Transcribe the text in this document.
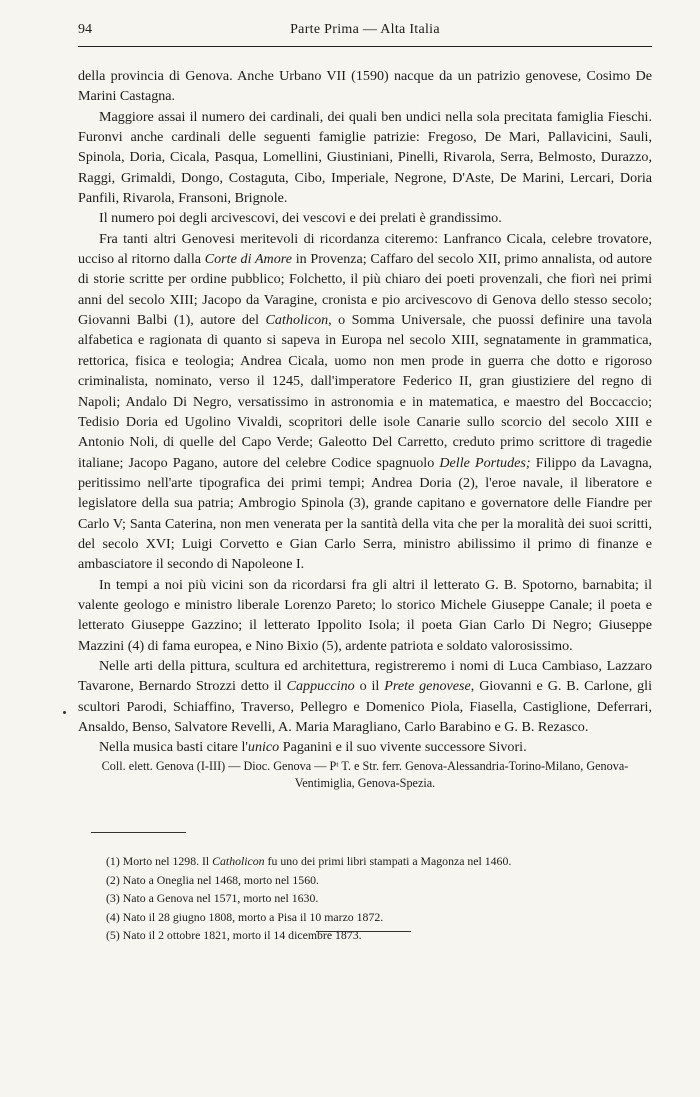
94	Parte Prima — Alta Italia

della provincia di Genova. Anche Urbano VII (1590) nacque da un patrizio genovese, Cosimo De Marini Castagna.

Maggiore assai il numero dei cardinali, dei quali ben undici nella sola precitata famiglia Fieschi. Furonvi anche cardinali delle seguenti famiglie patrizie: Fregoso, De Mari, Pallavicini, Sauli, Spinola, Doria, Cicala, Pasqua, Lomellini, Giustiniani, Pinelli, Rivarola, Serra, Belmosto, Durazzo, Raggi, Grimaldi, Dongo, Costaguta, Cibo, Imperiale, Negrone, D'Aste, De Marini, Lercari, Doria Panfili, Rivarola, Fransoni, Brignole.

Il numero poi degli arcivescovi, dei vescovi e dei prelati è grandissimo.

Fra tanti altri Genovesi meritevoli di ricordanza citeremo: Lanfranco Cicala, celebre trovatore, ucciso al ritorno dalla Corte di Amore in Provenza; Caffaro del secolo XII, primo annalista, od autore di storie scritte per ordine pubblico; Folchetto, il più chiaro dei poeti provenzali, che fiorì nei primi anni del secolo XIII; Jacopo da Varagine, cronista e pio arcivescovo di Genova dello stesso secolo; Giovanni Balbi (1), autore del Catholicon, o Somma Universale, che puossi definire una tavola alfabetica e ragionata di quanto si sapeva in Europa nel secolo XIII, segnatamente in grammatica, rettorica, fisica e teologia; Andrea Cicala, uomo non men prode in guerra che dotto e rigoroso criminalista, nominato, verso il 1245, dall'imperatore Federico II, gran giustiziere del regno di Napoli; Andalo Di Negro, versatissimo in astronomia e in matematica, e maestro del Boccaccio; Tedisio Doria ed Ugolino Vivaldi, scopritori delle isole Canarie sullo scorcio del secolo XIII e Antonio Noli, di quelle del Capo Verde; Galeotto Del Carretto, creduto primo scrittore di tragedie italiane; Jacopo Pagano, autore del celebre Codice spagnuolo Delle Portudes; Filippo da Lavagna, peritissimo nell'arte tipografica dei primi tempi; Andrea Doria (2), l'eroe navale, il liberatore e legislatore della sua patria; Ambrogio Spinola (3), grande capitano e governatore delle Fiandre per Carlo V; Santa Caterina, non men venerata per la santità della vita che per la moralità dei suoi scritti, del secolo XVI; Luigi Corvetto e Gian Carlo Serra, ministro abilissimo il primo di finanze e ambasciatore il secondo di Napoleone I.

In tempi a noi più vicini son da ricordarsi fra gli altri il letterato G. B. Spotorno, barnabita; il valente geologo e ministro liberale Lorenzo Pareto; lo storico Michele Giuseppe Canale; il poeta e letterato Giuseppe Gazzino; il letterato Ippolito Isola; il poeta Gian Carlo Di Negro; Giuseppe Mazzini (4) di fama europea, e Nino Bixio (5), ardente patriota e soldato valorosissimo.

Nelle arti della pittura, scultura ed architettura, registreremo i nomi di Luca Cambiaso, Lazzaro Tavarone, Bernardo Strozzi detto il Cappuccino o il Prete genovese, Giovanni e G. B. Carlone, gli scultori Parodi, Schiaffino, Traverso, Pellegro e Domenico Piola, Fiasella, Castiglione, Deferrari, Ansaldo, Benso, Salvatore Revelli, A. Maria Maragliano, Carlo Barabino e G. B. Rezasco.

Nella musica basti citare l'unico Paganini e il suo vivente successore Sivori.

Coll. elett. Genova (I-III) — Dioc. Genova — Pᵗ T. e Str. ferr. Genova-Alessandria-Torino-Milano, Genova-Ventimiglia, Genova-Spezia.

(1) Morto nel 1298. Il Catholicon fu uno dei primi libri stampati a Magonza nel 1460.
(2) Nato a Oneglia nel 1468, morto nel 1560.
(3) Nato a Genova nel 1571, morto nel 1630.
(4) Nato il 28 giugno 1808, morto a Pisa il 10 marzo 1872.
(5) Nato il 2 ottobre 1821, morto il 14 dicembre 1873.
